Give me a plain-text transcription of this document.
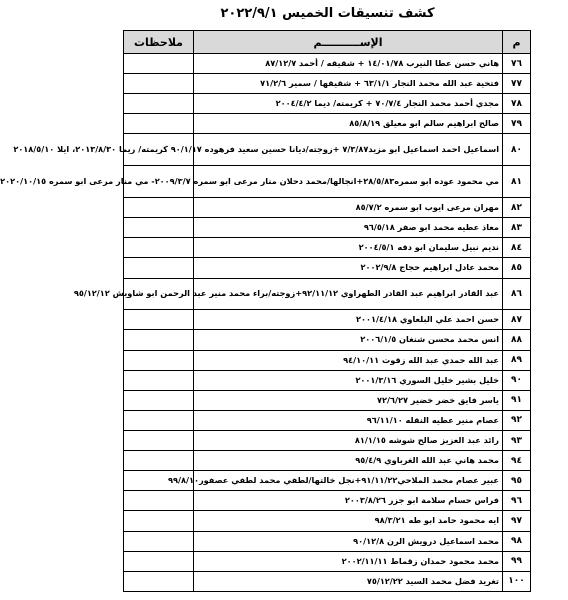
كشف تنسيقات الخميس ٢٠٢٢/٩/١
م	الإســــــــــم	ملاحظات
٧٦	هاني حسن عطا النيرب ١٤/٠١/٧٨ + شقيقه / أحمد ٨٧/١٢/٧	
٧٧	فتحية عبد الله محمد النجار ٦٣/١/١ + شقيقها / سمير ٧١/٢/٦	
٧٨	مجدي أحمد محمد النجار ٧٠/٧/٤ + كريمته/ ديما ٢٠٠٤/٤/٢	
٧٩	صالح ابراهيم سالم ابو معيلق ٨٥/٨/١٩	
٨٠	اسماعيل احمد اسماعيل ابو مزيد٧/٣/٨٧ +زوجته/ديانا حسين سعيد فرهوده ٩٠/١/١٧ كريمته/ ريما ٢٠١٣/٨/٣٠، ايلا ٢٠١٨/٥/١٠	
٨١	مي محمود عوده ابو سمره٢٨/٥/٨٣+انجالها/محمد دحلان منار مرعى ابو سمره ٢٠٠٩/٣/٧- مي منار مرعى ابو سمره ٢٠٢٠/١٠/١٥	
٨٢	مهران مرعى ايوب ابو سمره ٨٥/٧/٢	
٨٣	معاذ عطيه محمد ابو صفر ٩٦/٥/١٨	
٨٤	نديم نبيل سليمان ابو دقه ٢٠٠٤/٥/١	
٨٥	محمد عادل ابراهيم حجاج ٢٠٠٢/٩/٨	
٨٦	عبد القادر ابراهيم عبد القادر الطهراوي ٩٢/١١/١٢+زوجته/براء محمد منير عبد الرحمن ابو شاويش ٩٥/١٢/١٢	
٨٧	حسن احمد علي البلعاوي ٢٠٠١/٤/١٨	
٨٨	انس محمد محسن شنغان ٢٠٠٦/١/٥	
٨٩	عبد الله حمدي عبد الله زقوت ٩٤/١٠/١١	
٩٠	خليل بشير خليل السوري ٢٠٠١/٣/١٦	
٩١	ياسر فايق خضر خضير ٧٢/٦/٢٧	
٩٢	عصام منير عطيه النقله ٩٦/١١/١٠	
٩٣	رائد عبد العزيز صالح شوشه ٨١/١/١٥	
٩٤	محمد هاني عبد الله الغرباوي ٩٥/٤/٩	
٩٥	عبير عصام محمد الملاحي٩١/١١/٢٢+نجل خالتها/لطفي محمد لطفي عصفور٩٩/٨/١٠	
٩٦	فراس حسام سلامة ابو جزر ٢٠٠٣/٨/٢٦	
٩٧	ايه محمود حامد ابو طه ٩٨/٣/٢١	
٩٨	محمد اسماعيل درويش الرن ٩٠/١٢/٨	
٩٩	محمد محمود حمدان زقماط ٢٠٠٢/١١/١١	
١٠٠	تغريد فضل محمد السيد ٧٥/١٢/٢٢	
